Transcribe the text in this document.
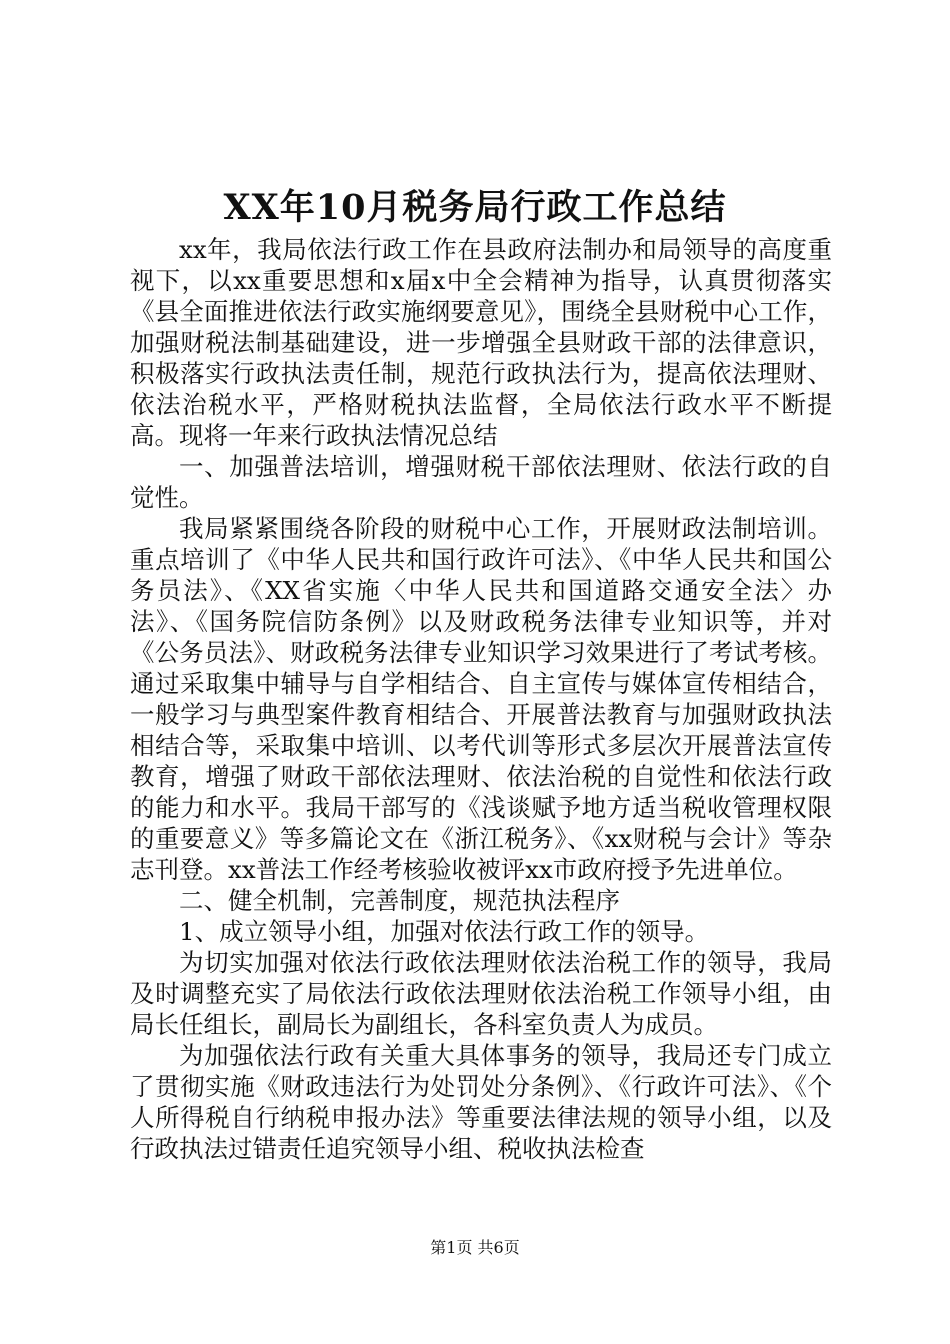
XX年10月税务局行政工作总结

xx年，我局依法行政工作在县政府法制办和局领导的高度重视下，以xx重要思想和x届x中全会精神为指导，认真贯彻落实《县全面推进依法行政实施纲要意见》，围绕全县财税中心工作，加强财税法制基础建设，进一步增强全县财政干部的法律意识，积极落实行政执法责任制，规范行政执法行为，提高依法理财、依法治税水平，严格财税执法监督，全局依法行政水平不断提高。现将一年来行政执法情况总结

一、加强普法培训，增强财税干部依法理财、依法行政的自觉性。

我局紧紧围绕各阶段的财税中心工作，开展财政法制培训。重点培训了《中华人民共和国行政许可法》、《中华人民共和国公务员法》、《XX省实施〈中华人民共和国道路交通安全法〉办法》、《国务院信防条例》以及财政税务法律专业知识等，并对《公务员法》、财政税务法律专业知识学习效果进行了考试考核。通过采取集中辅导与自学相结合、自主宣传与媒体宣传相结合，一般学习与典型案件教育相结合、开展普法教育与加强财政执法相结合等，采取集中培训、以考代训等形式多层次开展普法宣传教育，增强了财政干部依法理财、依法治税的自觉性和依法行政的能力和水平。我局干部写的《浅谈赋予地方适当税收管理权限的重要意义》等多篇论文在《浙江税务》、《xx财税与会计》等杂志刊登。xx普法工作经考核验收被评xx市政府授予先进单位。

二、健全机制，完善制度，规范执法程序

1、成立领导小组，加强对依法行政工作的领导。

为切实加强对依法行政依法理财依法治税工作的领导，我局及时调整充实了局依法行政依法理财依法治税工作领导小组，由局长任组长，副局长为副组长，各科室负责人为成员。

为加强依法行政有关重大具体事务的领导，我局还专门成立了贯彻实施《财政违法行为处罚处分条例》、《行政许可法》、《个人所得税自行纳税申报办法》等重要法律法规的领导小组，以及行政执法过错责任追究领导小组、税收执法检查

第1页 共6页
